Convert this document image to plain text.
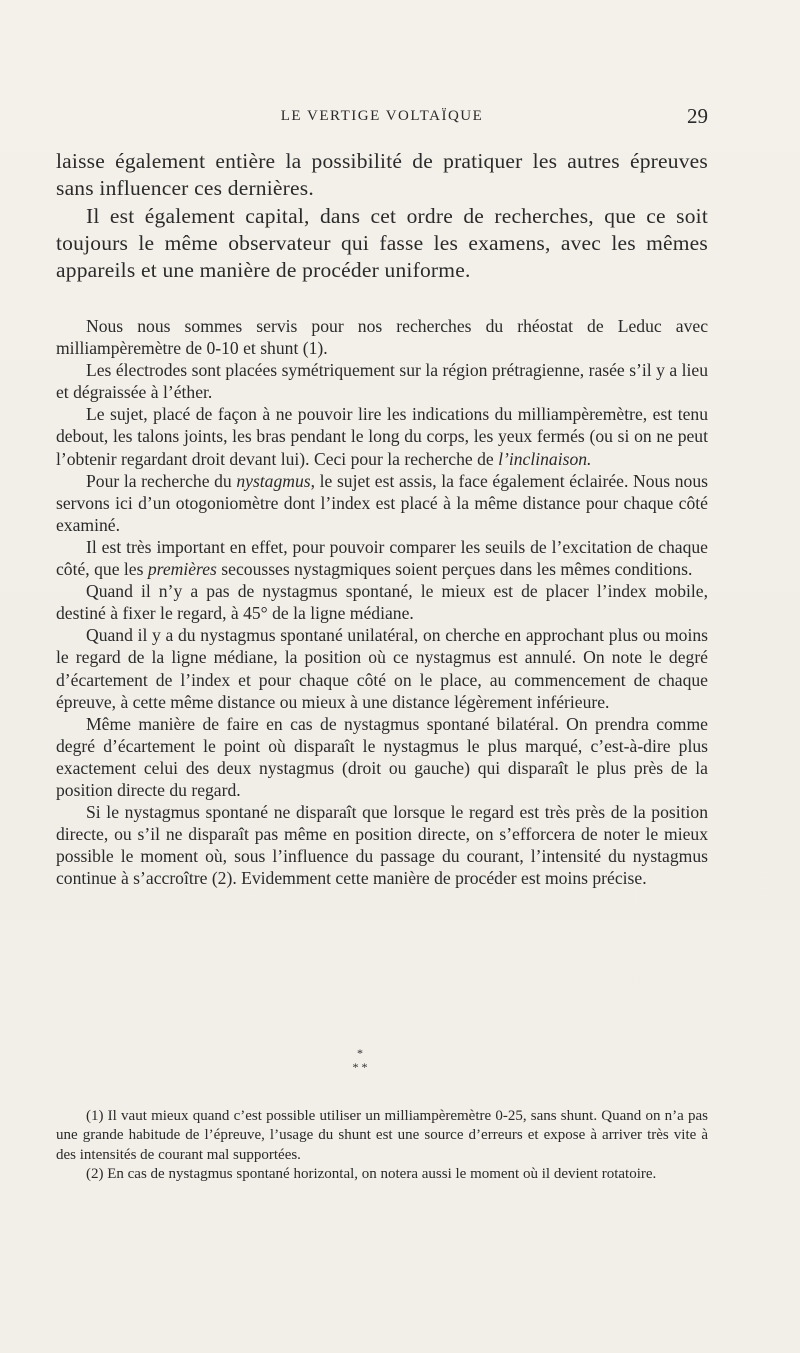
LE VERTIGE VOLTAÏQUE	29

laisse également entière la possibilité de pratiquer les autres épreuves sans influencer ces dernières.

Il est également capital, dans cet ordre de recherches, que ce soit toujours le même observateur qui fasse les examens, avec les mêmes appareils et une manière de procéder uniforme.

Nous nous sommes servis pour nos recherches du rhéostat de Leduc avec milliampèremètre de 0-10 et shunt (1).

Les électrodes sont placées symétriquement sur la région prétragienne, rasée s’il y a lieu et dégraissée à l’éther.

Le sujet, placé de façon à ne pouvoir lire les indications du milliampèremètre, est tenu debout, les talons joints, les bras pendant le long du corps, les yeux fermés (ou si on ne peut l’obtenir regardant droit devant lui). Ceci pour la recherche de l’inclinaison.

Pour la recherche du nystagmus, le sujet est assis, la face également éclairée. Nous nous servons ici d’un otogoniomètre dont l’index est placé à la même distance pour chaque côté examiné.

Il est très important en effet, pour pouvoir comparer les seuils de l’excitation de chaque côté, que les premières secousses nystagmiques soient perçues dans les mêmes conditions.

Quand il n’y a pas de nystagmus spontané, le mieux est de placer l’index mobile, destiné à fixer le regard, à 45° de la ligne médiane.

Quand il y a du nystagmus spontané unilatéral, on cherche en approchant plus ou moins le regard de la ligne médiane, la position où ce nystagmus est annulé. On note le degré d’écartement de l’index et pour chaque côté on le place, au commencement de chaque épreuve, à cette même distance ou mieux à une distance légèrement inférieure.

Même manière de faire en cas de nystagmus spontané bilatéral. On prendra comme degré d’écartement le point où disparaît le nystagmus le plus marqué, c’est-à-dire plus exactement celui des deux nystagmus (droit ou gauche) qui disparaît le plus près de la position directe du regard.

Si le nystagmus spontané ne disparaît que lorsque le regard est très près de la position directe, ou s’il ne disparaît pas même en position directe, on s’efforcera de noter le mieux possible le moment où, sous l’influence du passage du courant, l’intensité du nystagmus continue à s’accroître (2). Evidemment cette manière de procéder est moins précise.

*
* *

(1) Il vaut mieux quand c’est possible utiliser un milliampèremètre 0-25, sans shunt. Quand on n’a pas une grande habitude de l’épreuve, l’usage du shunt est une source d’erreurs et expose à arriver très vite à des intensités de courant mal supportées.

(2) En cas de nystagmus spontané horizontal, on notera aussi le moment où il devient rotatoire.
